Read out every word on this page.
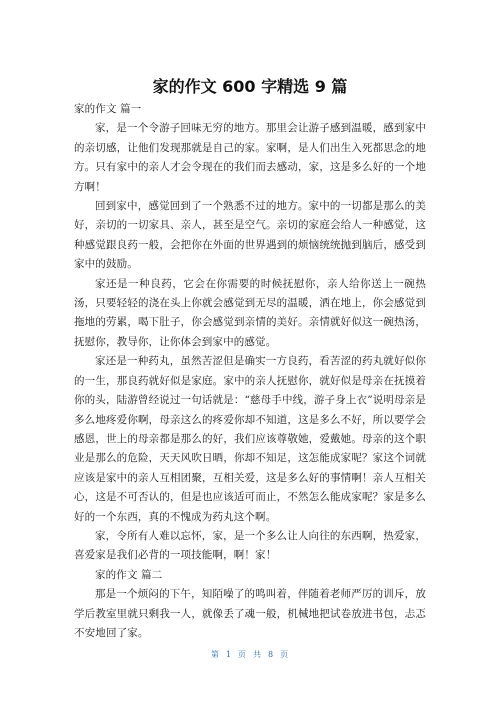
家的作文 600 字精选 9 篇

家的作文 篇一

家，是一个令游子回味无穷的地方。那里会让游子感到温暖，感到家中的亲切感，让他们发现那就是自己的家。家啊，是人们出生入死都思念的地方。只有家中的亲人才会令现在的我们而去感动，家，这是多么好的一个地方啊！

回到家中，感觉回到了一个熟悉不过的地方。家中的一切都是那么的美好，亲切的一切家具、亲人，甚至是空气。亲切的家庭会给人一种感觉，这种感觉跟良药一般，会把你在外面的世界遇到的烦恼统统抛到脑后，感受到家中的鼓励。

家还是一种良药，它会在你需要的时候抚慰你，亲人给你送上一碗热汤，只要轻轻的浇在头上你就会感觉到无尽的温暖，洒在地上，你会感觉到拖地的劳累，喝下肚子，你会感觉到亲情的美好。亲情就好似这一碗热汤，抚慰你，教导你，让你体会到家中的感觉。

家还是一种药丸，虽然苦涩但是确实一方良药，看苦涩的药丸就好似你的一生，那良药就好似是家庭。家中的亲人抚慰你，就好似是母亲在抚摸着你的头，陆游曾经说过一句话就是：“慈母手中线，游子身上衣”说明母亲是多么地疼爱你啊，母亲这么的疼爱你却不知道，这是多么不好，所以要学会感恩，世上的母亲都是那么的好，我们应该尊敬她，爱戴她。母亲的这个职业是那么的危险，天天风吹日晒，你却不知足，这怎能成家呢？家这个词就应该是家中的亲人互相团聚，互相关爱，这是多么好的事情啊！亲人互相关心，这是不可否认的，但是也应该适可而止，不然怎么能成家呢？家是多么好的一个东西，真的不愧成为药丸这个啊。

家，令所有人难以忘怀，家，是一个多么让人向往的东西啊，热爱家，喜爱家是我们必背的一项技能啊，啊！家！

家的作文 篇二

那是一个烦闷的下午，知陌噪了的鸣叫着，伴随着老师严厉的训斥，放学后教室里就只剩我一人，就像丢了魂一般，机械地把试卷放进书包，忐忑不安地回了家。

第 1 页 共 8 页
